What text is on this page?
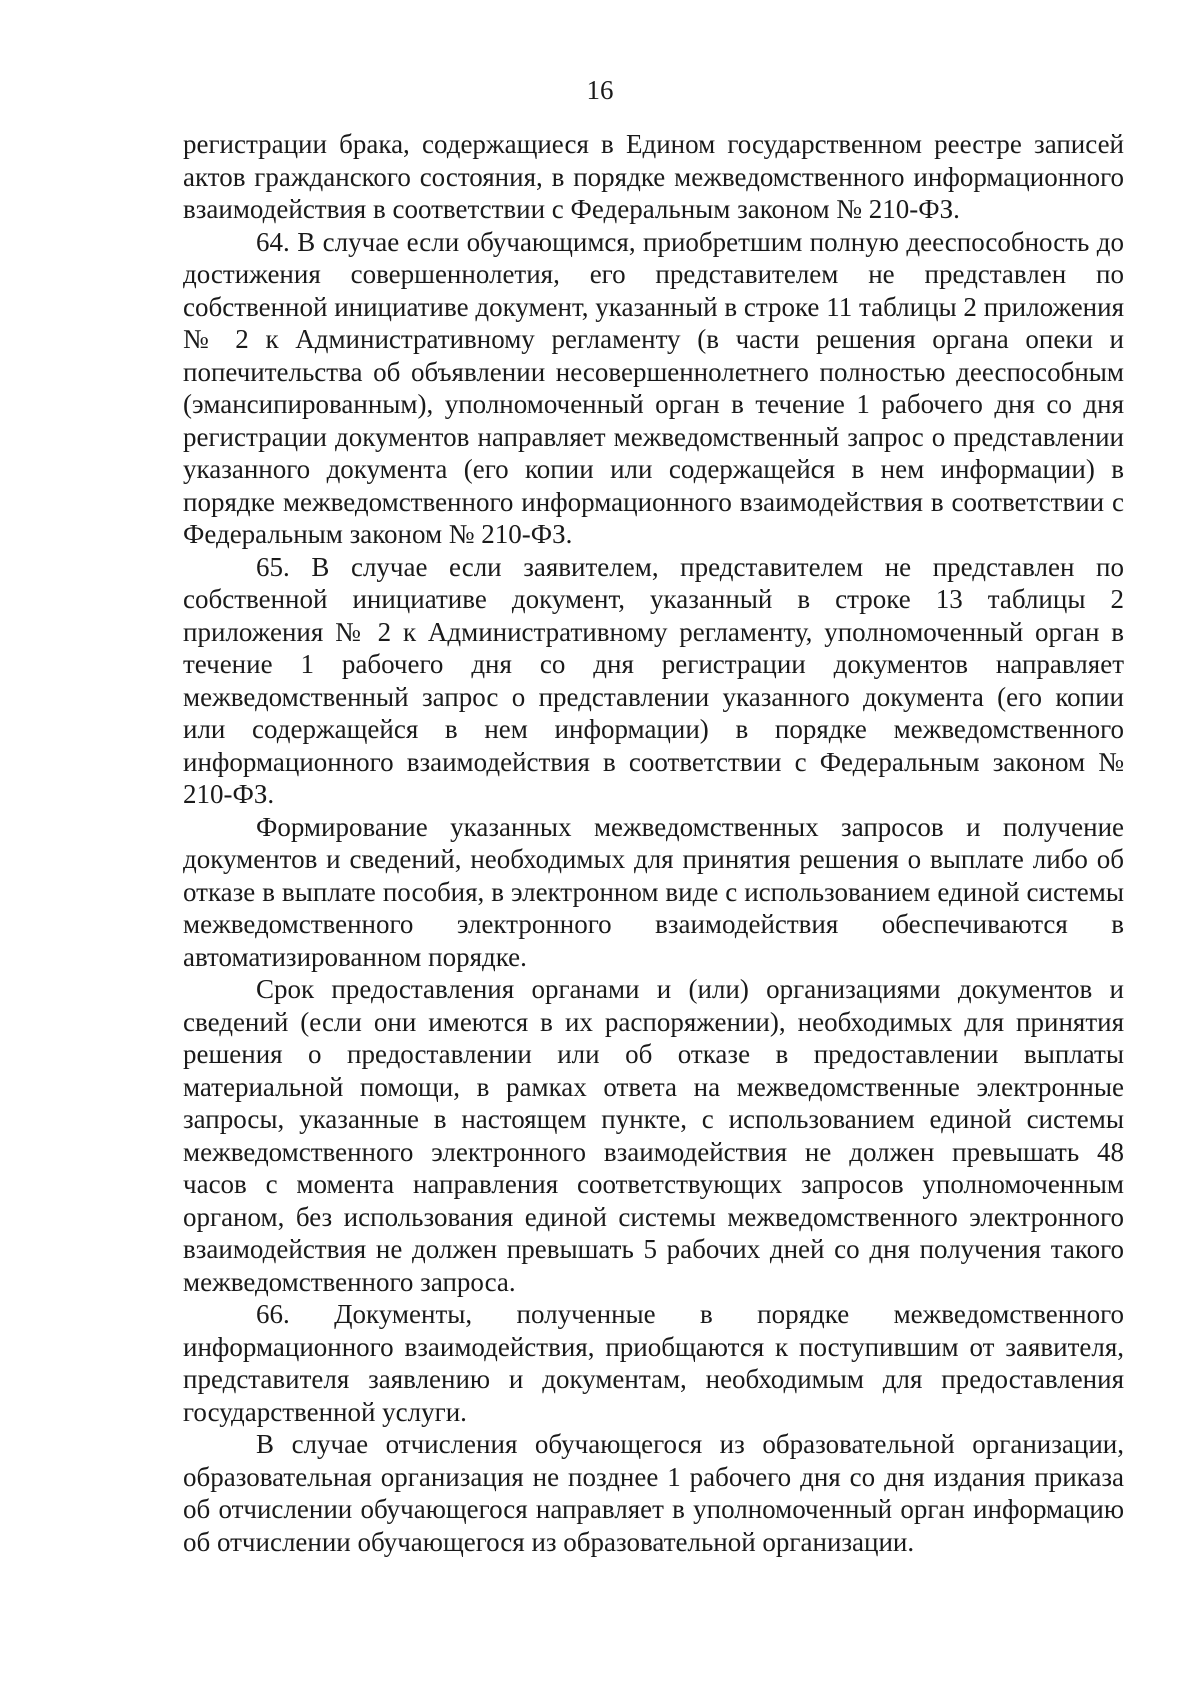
16

регистрации брака, содержащиеся в Едином государственном реестре записей актов гражданского состояния, в порядке межведомственного информационного взаимодействия в соответствии с Федеральным законом № 210-ФЗ.

64. В случае если обучающимся, приобретшим полную дееспособность до достижения совершеннолетия, его представителем не представлен по собственной инициативе документ, указанный в строке 11 таблицы 2 приложения № 2 к Административному регламенту (в части решения органа опеки и попечительства об объявлении несовершеннолетнего полностью дееспособным (эмансипированным), уполномоченный орган в течение 1 рабочего дня со дня регистрации документов направляет межведомственный запрос о представлении указанного документа (его копии или содержащейся в нем информации) в порядке межведомственного информационного взаимодействия в соответствии с Федеральным законом № 210-ФЗ.

65. В случае если заявителем, представителем не представлен по собственной инициативе документ, указанный в строке 13 таблицы 2 приложения № 2 к Административному регламенту, уполномоченный орган в течение 1 рабочего дня со дня регистрации документов направляет межведомственный запрос о представлении указанного документа (его копии или содержащейся в нем информации) в порядке межведомственного информационного взаимодействия в соответствии с Федеральным законом № 210-ФЗ.

Формирование указанных межведомственных запросов и получение документов и сведений, необходимых для принятия решения о выплате либо об отказе в выплате пособия, в электронном виде с использованием единой системы межведомственного электронного взаимодействия обеспечиваются в автоматизированном порядке.

Срок предоставления органами и (или) организациями документов и сведений (если они имеются в их распоряжении), необходимых для принятия решения о предоставлении или об отказе в предоставлении выплаты материальной помощи, в рамках ответа на межведомственные электронные запросы, указанные в настоящем пункте, с использованием единой системы межведомственного электронного взаимодействия не должен превышать 48 часов с момента направления соответствующих запросов уполномоченным органом, без использования единой системы межведомственного электронного взаимодействия не должен превышать 5 рабочих дней со дня получения такого межведомственного запроса.

66. Документы, полученные в порядке межведомственного информационного взаимодействия, приобщаются к поступившим от заявителя, представителя заявлению и документам, необходимым для предоставления государственной услуги.

В случае отчисления обучающегося из образовательной организации, образовательная организация не позднее 1 рабочего дня со дня издания приказа об отчислении обучающегося направляет в уполномоченный орган информацию об отчислении обучающегося из образовательной организации.
